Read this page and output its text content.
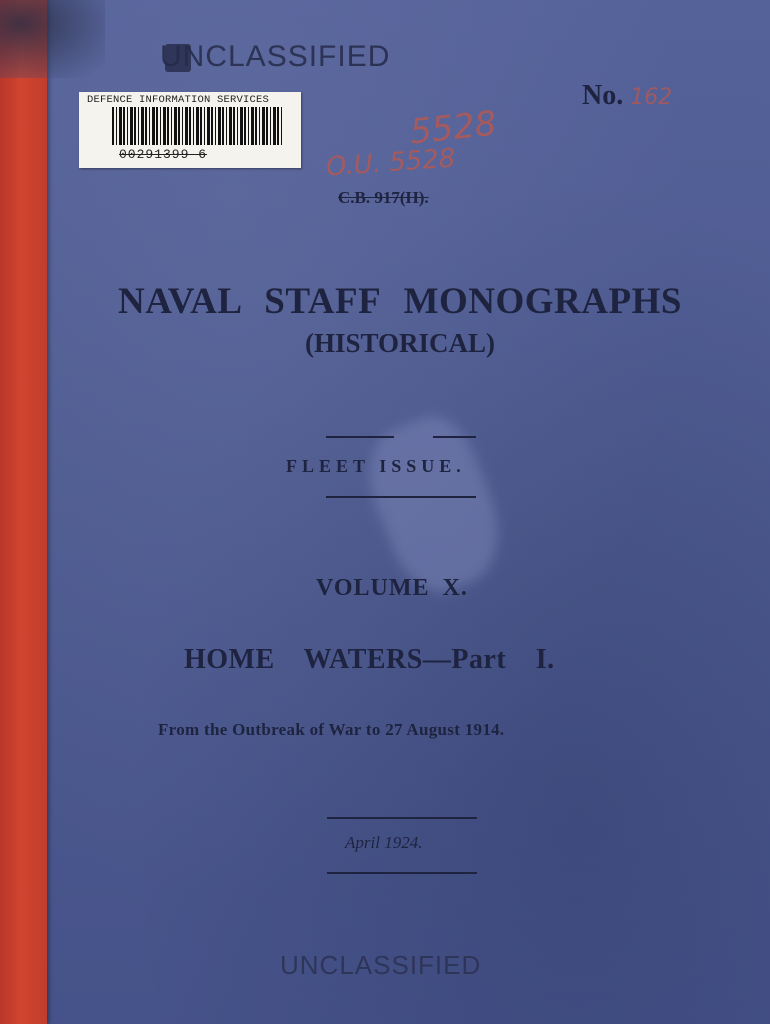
UNCLASSIFIED
No. 162
DEFENCE INFORMATION SERVICES
00291399 6
5528
O.U. 5528
C.B. 917(H).
NAVAL STAFF MONOGRAPHS
(HISTORICAL)
FLEET ISSUE.
VOLUME X.
HOME WATERS—Part I.
From the Outbreak of War to 27 August 1914.
April 1924.
UNCLASSIFIED
